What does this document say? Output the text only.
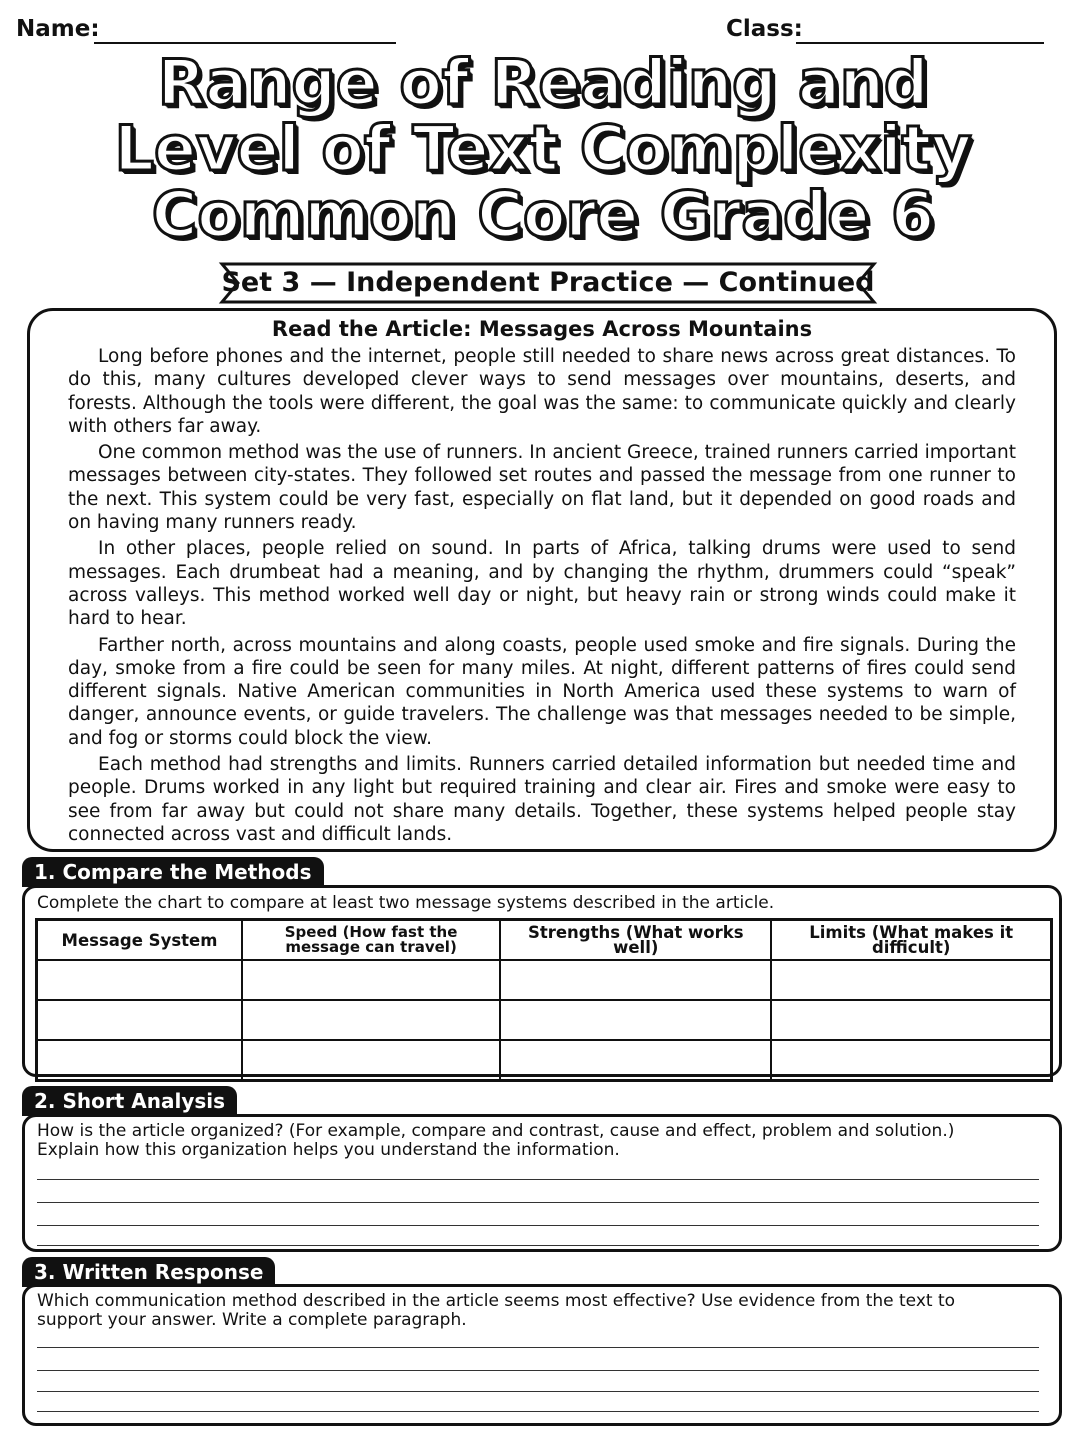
Name:	Class:
Range of Reading and
Level of Text Complexity
Common Core Grade 6
Set 3 — Independent Practice — Continued
Read the Article: Messages Across Mountains

Long before phones and the internet, people still needed to share news across great distances. To do this, many cultures developed clever ways to send messages over mountains, deserts, and forests. Although the tools were different, the goal was the same: to communicate quickly and clearly with others far away.

One common method was the use of runners. In ancient Greece, trained runners carried important messages between city-states. They followed set routes and passed the message from one runner to the next. This system could be very fast, especially on flat land, but it depended on good roads and on having many runners ready.

In other places, people relied on sound. In parts of Africa, talking drums were used to send messages. Each drumbeat had a meaning, and by changing the rhythm, drummers could “speak” across valleys. This method worked well day or night, but heavy rain or strong winds could make it hard to hear.

Farther north, across mountains and along coasts, people used smoke and fire signals. During the day, smoke from a fire could be seen for many miles. At night, different patterns of fires could send different signals. Native American communities in North America used these systems to warn of danger, announce events, or guide travelers. The challenge was that messages needed to be simple, and fog or storms could block the view.

Each method had strengths and limits. Runners carried detailed information but needed time and people. Drums worked in any light but required training and clear air. Fires and smoke were easy to see from far away but could not share many details. Together, these systems helped people stay connected across vast and difficult lands.

1. Compare the Methods
Complete the chart to compare at least two message systems described in the article.
Message System	Speed (How fast the message can travel)	Strengths (What works well)	Limits (What makes it difficult)

2. Short Analysis
How is the article organized? (For example, compare and contrast, cause and effect, problem and solution.)
Explain how this organization helps you understand the information.
3. Written Response
Which communication method described in the article seems most effective? Use evidence from the text to
support your answer. Write a complete paragraph.
